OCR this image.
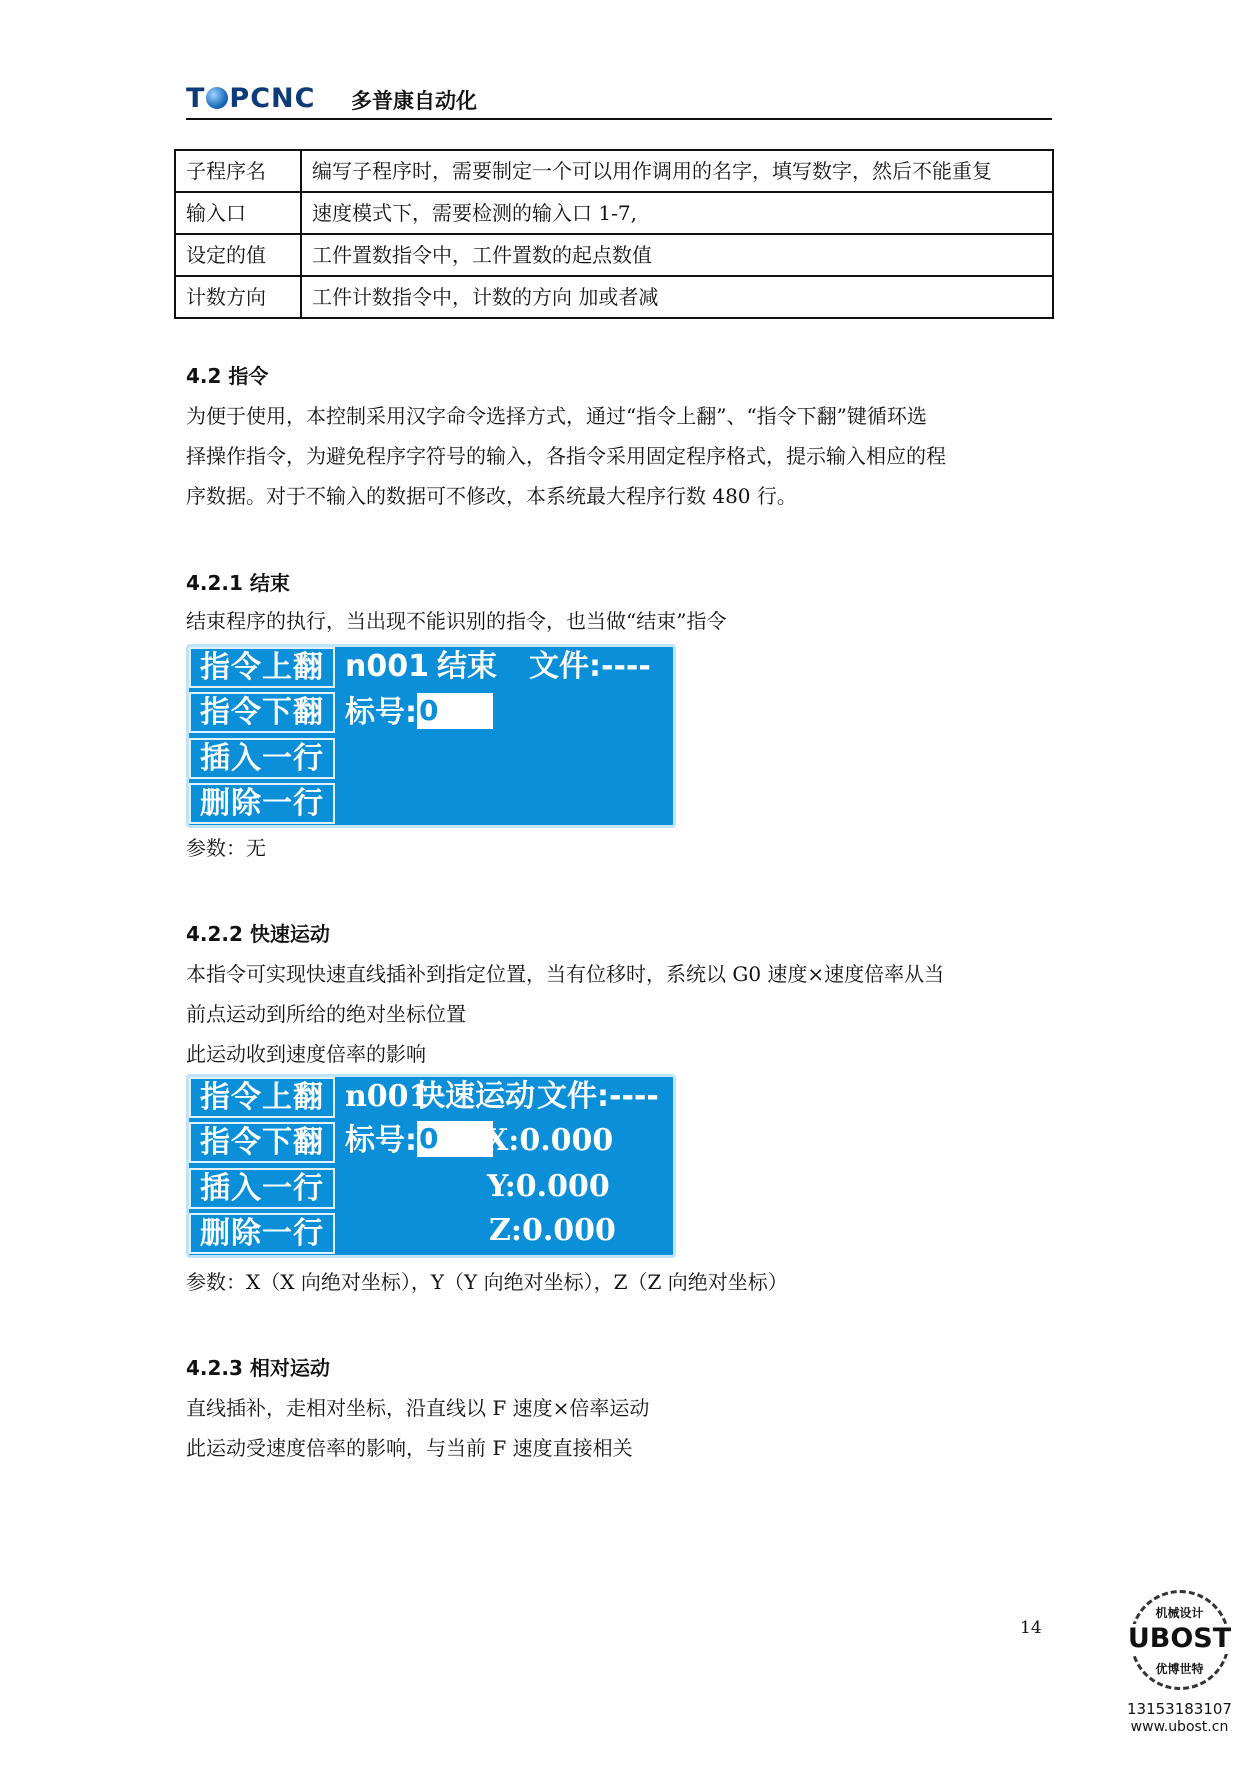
T PCNC 多普康自动化
子程序名	编写子程序时，需要制定一个可以用作调用的名字，填写数字，然后不能重复
输入口	速度模式下，需要检测的输入口 1-7,
设定的值	工件置数指令中，工件置数的起点数值
计数方向	工件计数指令中，计数的方向 加或者减
4.2 指令
为便于使用，本控制采用汉字命令选择方式，通过“指令上翻”、“指令下翻”键循环选
择操作指令，为避免程序字符号的输入，各指令采用固定程序格式，提示输入相应的程
序数据。对于不输入的数据可不修改，本系统最大程序行数 480 行。
4.2.1 结束
结束程序的执行，当出现不能识别的指令，也当做“结束”指令
指令上翻
指令下翻
插入一行
删除一行
n001 结束 文件:----
标号:0
参数：无
4.2.2 快速运动
本指令可实现快速直线插补到指定位置，当有位移时，系统以 G0 速度×速度倍率从当
前点运动到所给的绝对坐标位置
此运动收到速度倍率的影响
指令上翻
指令下翻
插入一行
删除一行
n001
快速运动 文件:----
标号:0	X:0.000
Y:0.000
Z:0.000
参数：X（X 向绝对坐标），Y（Y 向绝对坐标），Z（Z 向绝对坐标）
4.2.3 相对运动
直线插补，走相对坐标，沿直线以 F 速度×倍率运动
此运动受速度倍率的影响，与当前 F 速度直接相关
14
机械设计
UBOST
优博世特
13153183107
www.ubost.cn
